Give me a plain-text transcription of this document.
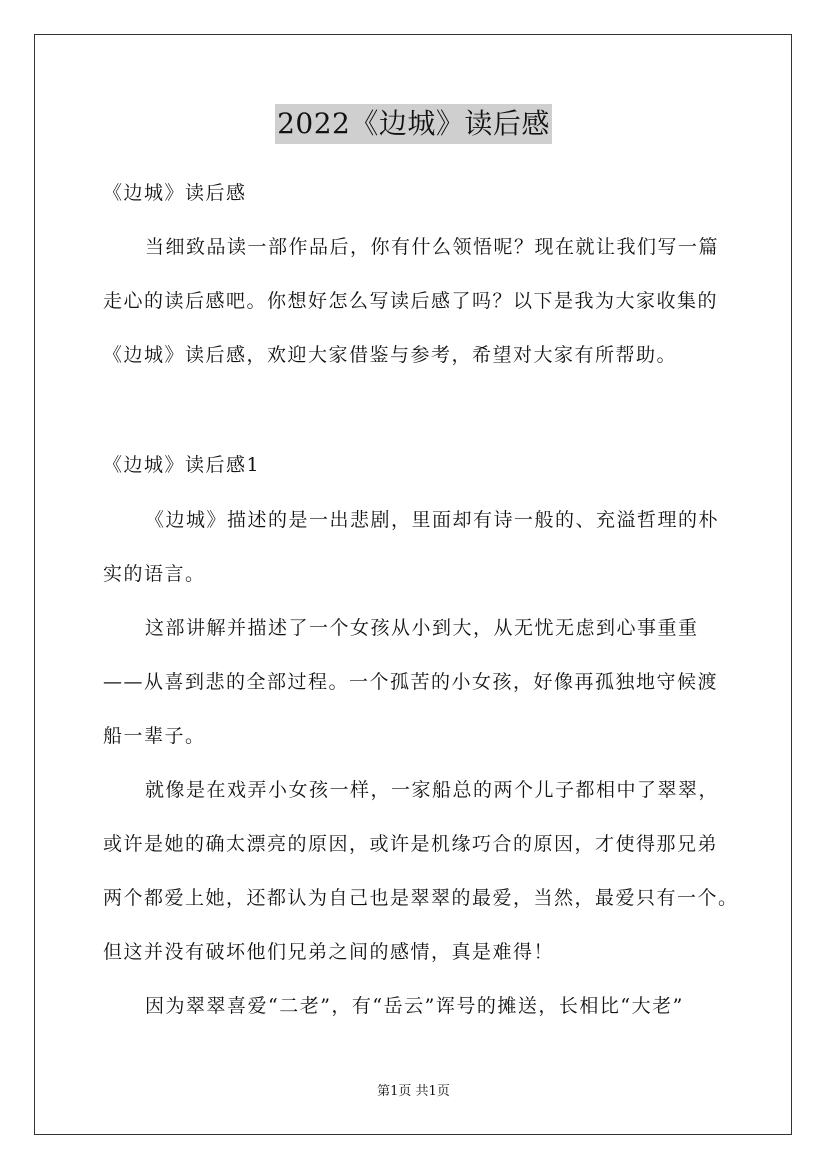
2022《边城》读后感
《边城》读后感
当细致品读一部作品后，你有什么领悟呢？现在就让我们写一篇
走心的读后感吧。你想好怎么写读后感了吗？以下是我为大家收集的
《边城》读后感，欢迎大家借鉴与参考，希望对大家有所帮助。
《边城》读后感1
《边城》描述的是一出悲剧，里面却有诗一般的、充溢哲理的朴
实的语言。
这部讲解并描述了一个女孩从小到大，从无忧无虑到心事重重
——从喜到悲的全部过程。一个孤苦的小女孩，好像再孤独地守候渡
船一辈子。
就像是在戏弄小女孩一样，一家船总的两个儿子都相中了翠翠，
或许是她的确太漂亮的原因，或许是机缘巧合的原因，才使得那兄弟
两个都爱上她，还都认为自己也是翠翠的最爱，当然，最爱只有一个。
但这并没有破坏他们兄弟之间的感情，真是难得！
因为翠翠喜爱“二老”，有“岳云”诨号的摊送，长相比“大老”
第1页 共1页
